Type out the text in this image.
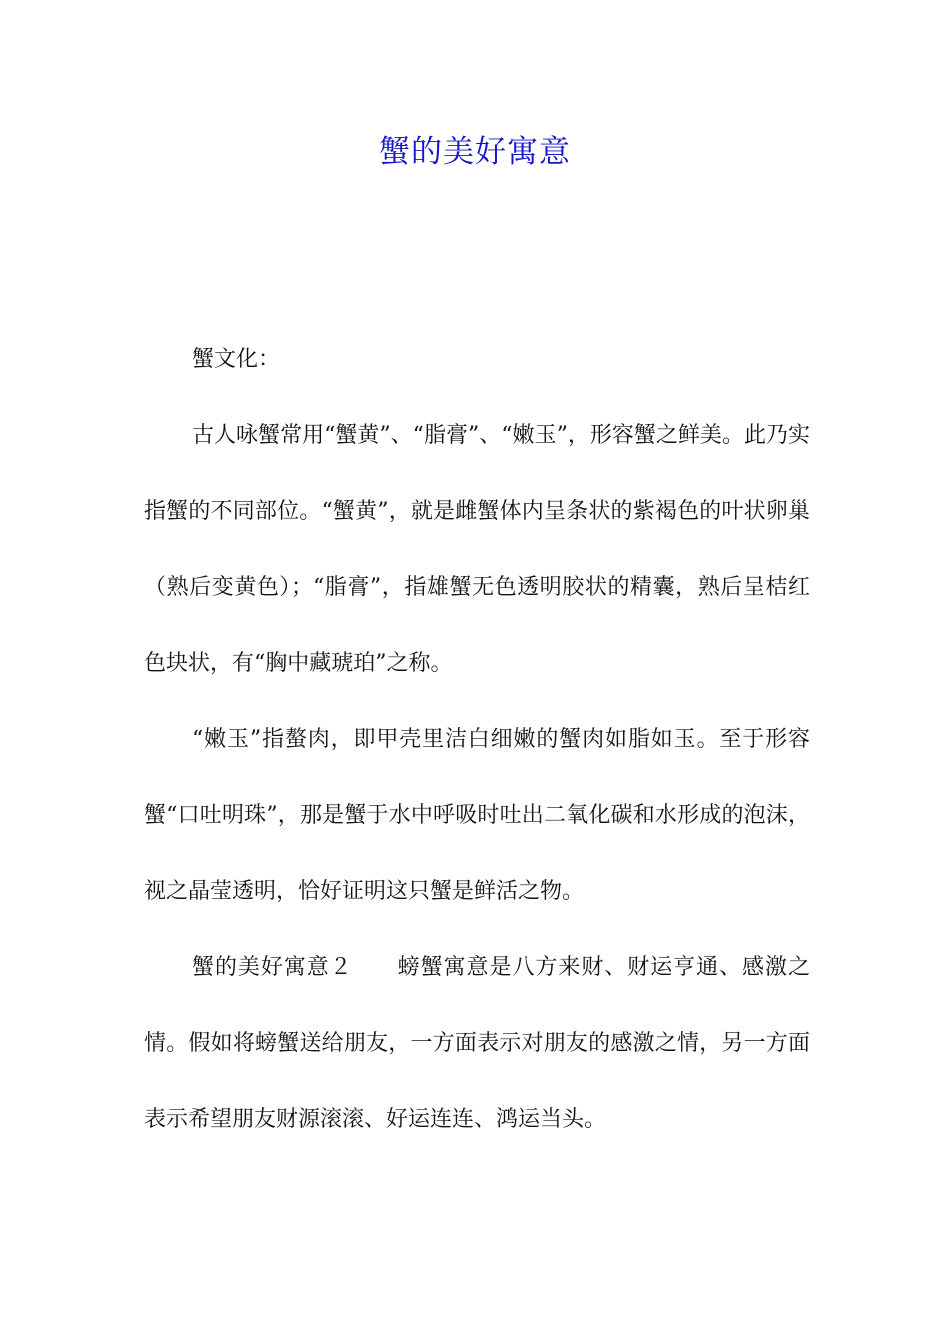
蟹的美好寓意

蟹文化：

古人咏蟹常用“蟹黄”、“脂膏”、“嫩玉”，形容蟹之鲜美。此乃实指蟹的不同部位。“蟹黄”，就是雌蟹体内呈条状的紫褐色的叶状卵巢（熟后变黄色）；“脂膏”，指雄蟹无色透明胶状的精囊，熟后呈桔红色块状，有“胸中藏琥珀”之称。

“嫩玉”指螯肉，即甲壳里洁白细嫩的蟹肉如脂如玉。至于形容蟹“口吐明珠”，那是蟹于水中呼吸时吐出二氧化碳和水形成的泡沫，视之晶莹透明，恰好证明这只蟹是鲜活之物。

蟹的美好寓意２ 螃蟹寓意是八方来财、财运亨通、感激之情。假如将螃蟹送给朋友，一方面表示对朋友的感激之情，另一方面表示希望朋友财源滚滚、好运连连、鸿运当头。
